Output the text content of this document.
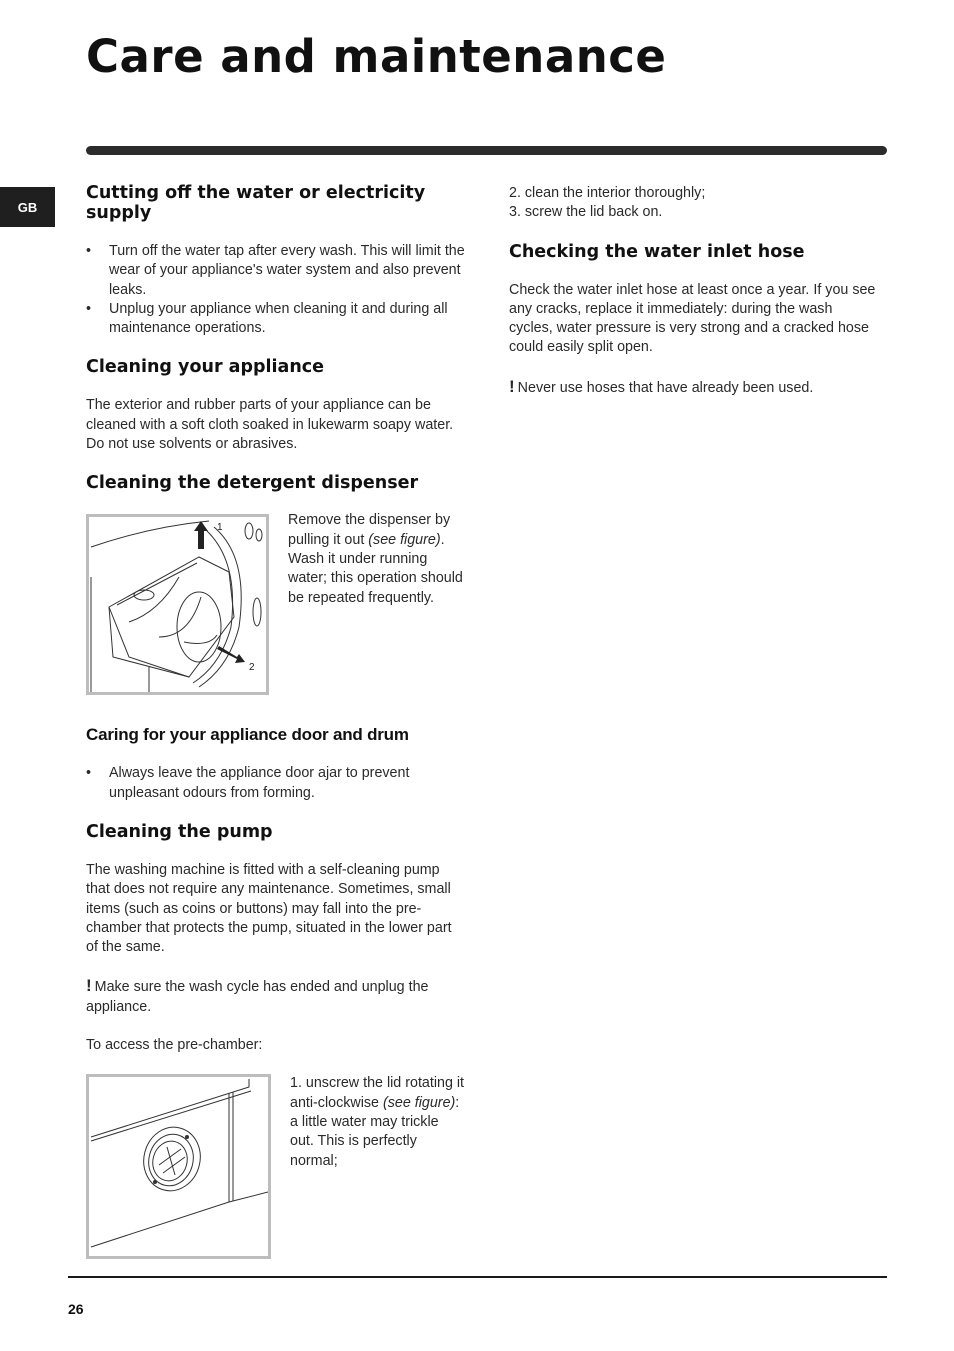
Care and maintenance
GB
Cutting off the water or electricity supply
• Turn off the water tap after every wash. This will limit the wear of your appliance's water system and also prevent leaks.
• Unplug your appliance when cleaning it and during all maintenance operations.
Cleaning your appliance

The exterior and rubber parts of your appliance can be cleaned with a soft cloth soaked in lukewarm soapy water. Do not use solvents or abrasives.

Cleaning the detergent dispenser
1
2

Remove the dispenser by pulling it out (see figure).

Wash it under running water; this operation should be repeated frequently.

Caring for your appliance door and drum
• Always leave the appliance door ajar to prevent unpleasant odours from forming.
Cleaning the pump

The washing machine is fitted with a self-cleaning pump that does not require any maintenance. Sometimes, small items (such as coins or buttons) may fall into the pre-chamber that protects the pump, situated in the lower part of the same.

! Make sure the wash cycle has ended and unplug the appliance.

To access the pre-chamber:

1. unscrew the lid rotating it anti-clockwise (see figure): a little water may trickle out. This is perfectly normal;

2. clean the interior thoroughly;

3. screw the lid back on.

Checking the water inlet hose

Check the water inlet hose at least once a year. If you see any cracks, replace it immediately: during the wash cycles, water pressure is very strong and a cracked hose could easily split open.

! Never use hoses that have already been used.

26
